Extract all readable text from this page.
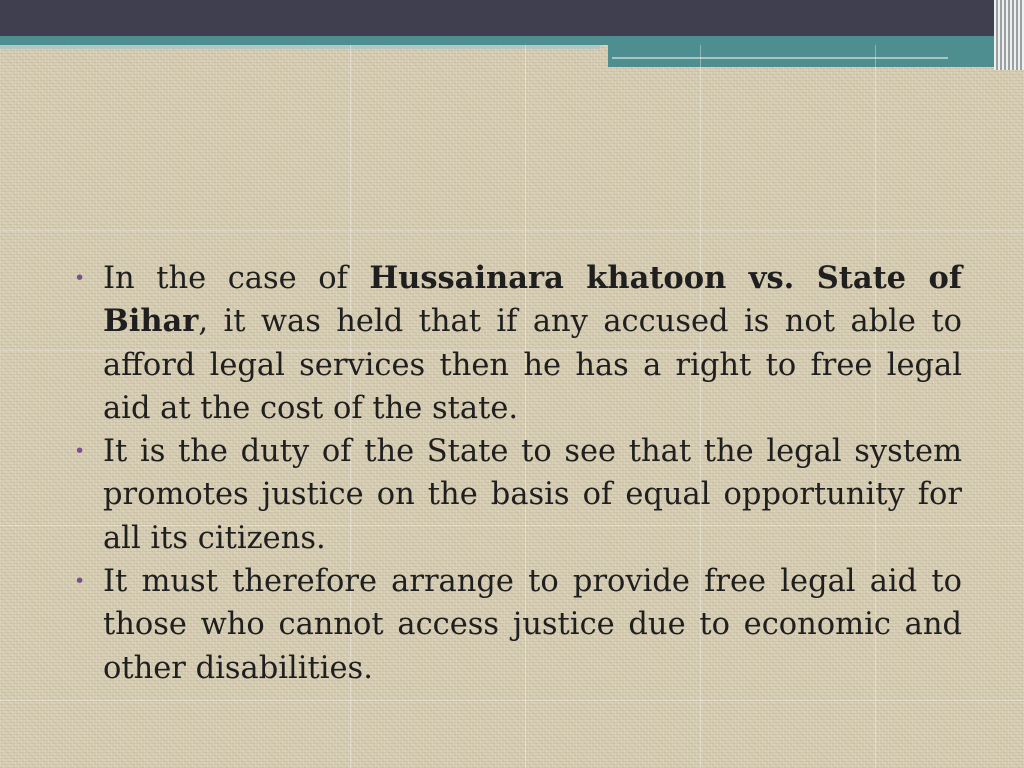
• In the case of Hussainara khatoon vs. State of Bihar, it was held that if any accused is not able to afford legal services then he has a right to free legal aid at the cost of the state.

• It is the duty of the State to see that the legal system promotes justice on the basis of equal opportunity for all its citizens.

• It must therefore arrange to provide free legal aid to those who cannot access justice due to economic and other disabilities.
